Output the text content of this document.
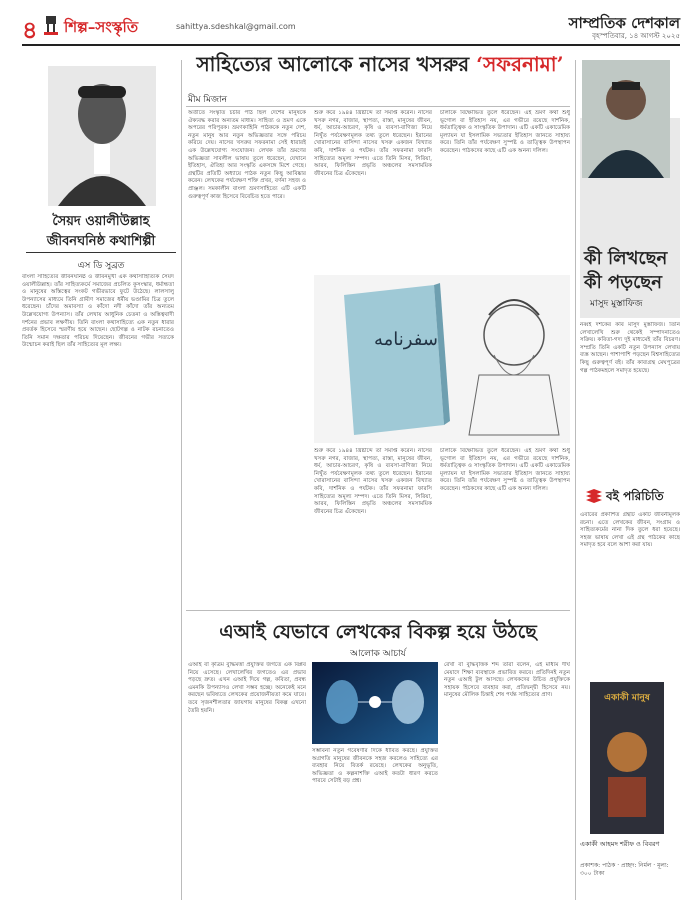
৪ শিল্প–সংস্কৃতি	sahittya.sdeshkal@gmail.com	সাম্প্রতিক দেশকাল
বৃহস্পতিবার, ১৪ আগস্ট ২০২৫
সৈয়দ ওয়ালীউল্লাহ
জীবনঘনিষ্ঠ কথাশিল্পী
এস ডি সুব্রত
বাংলা সাহিত্যের জীবনঘনিষ্ঠ ও জীবনমুখী এক কথাসাহিত্যিক সৈয়দ ওয়ালীউল্লাহ। তাঁর সাহিত্যকর্মে সমাজের প্রচলিত কুসংস্কার, ধর্মান্ধতা ও মানুষের অস্তিত্বের সংকট গভীরভাবে ফুটে উঠেছে। লালসালু উপন্যাসের মাধ্যমে তিনি গ্রামীণ সমাজের ধর্মীয় ভণ্ডামির চিত্র তুলে ধরেছেন। চাঁদের অমাবস্যা ও কাঁদো নদী কাঁদো তাঁর অন্যতম উল্লেখযোগ্য উপন্যাস। তাঁর লেখায় আধুনিক চেতনা ও অস্তিত্ববাদী দর্শনের প্রভাব লক্ষণীয়। তিনি বাংলা কথাসাহিত্যে এক নতুন ধারার প্রবর্তক হিসেবে স্মরণীয় হয়ে আছেন। ছোটগল্প ও নাটক রচনাতেও তিনি সমান দক্ষতার পরিচয় দিয়েছেন। জীবনের গভীর সত্যকে উন্মোচন করাই ছিল তাঁর সাহিত্যের মূল লক্ষ্য।
সাহিত্যের আলোকে নাসের খসরুর ‘সফরনামা’
মীম মিজান
অতীতে সংস্কৃতি চর্চার পাঠ ছিল দেশের মানুষকে ঐক্যবদ্ধ করার অন্যতম মাধ্যম। সাহিত্য ও ভ্রমণ একে অপরের পরিপূরক। ভ্রমণকাহিনি পাঠককে নতুন দেশ, নতুন মানুষ আর নতুন অভিজ্ঞতার সঙ্গে পরিচয় করিয়ে দেয়। নাসের খসরুর সফরনামা সেই ধারারই এক উল্লেখযোগ্য সংযোজন। লেখক তাঁর ভ্রমণের অভিজ্ঞতা সাবলীল ভাষায় তুলে ধরেছেন, যেখানে ইতিহাস, ঐতিহ্য আর সংস্কৃতি একসঙ্গে মিশে গেছে। গ্রন্থটির প্রতিটি অধ্যায়ে পাঠক নতুন কিছু আবিষ্কার করেন। লেখকের পর্যবেক্ষণ শক্তি প্রখর, বর্ণনা সহজ ও প্রাঞ্জল। সমকালীন বাংলা ভ্রমণসাহিত্যে এটি একটি গুরুত্বপূর্ণ কাজ হিসেবে বিবেচিত হতে পারে।
শুরু করে ১৯৪৪ খ্রিষ্টাব্দে তা সমাপ্ত করেন। নাসের খসরু নগর, বাজার, স্থাপত্য, রাস্তা, মানুষের জীবন, ধর্ম, আচার-আচরণ, কৃষি ও ব্যবসা-বাণিজ্য নিয়ে নিখুঁত পর্যবেক্ষণমূলক তথ্য তুলে ধরেছেন। ইরানের খোরাসানের বাসিন্দা নাসের খসরু একজন বিখ্যাত কবি, দার্শনিক ও পর্যটক। তাঁর সফরনামা ফারসি সাহিত্যের অমূল্য সম্পদ। এতে তিনি মিসর, সিরিয়া, আরব, ফিলিস্তিন প্রভৃতি অঞ্চলের সমসাময়িক জীবনের চিত্র এঁকেছেন।
চালাকে বিক্ষোভিত তুলে ধরেছেন। এই ভ্রমণ কথা শুধু ভূগোল বা ইতিহাস নয়, এর গভীরে রয়েছে দার্শনিক, ধর্মতাত্ত্বিক ও সাংস্কৃতিক উপাদান। এটি একটি একাডেমিক মূল্যায়ন যা ইসলামিক সভ্যতার ইতিহাস জানতে সাহায্য করে। তিনি তাঁর পর্যবেক্ষণ সুস্পষ্ট ও তাত্ত্বিক উপস্থাপন করেছেন। পাঠকদের কাছে এটি এক অনন্য দলিল।
سفرنامه

শুরু করে ১৯৪৪ খ্রিষ্টাব্দে তা সমাপ্ত করেন। নাসের খসরু নগর, বাজার, স্থাপত্য, রাস্তা, মানুষের জীবন, ধর্ম, আচার-আচরণ, কৃষি ও ব্যবসা-বাণিজ্য নিয়ে নিখুঁত পর্যবেক্ষণমূলক তথ্য তুলে ধরেছেন। ইরানের খোরাসানের বাসিন্দা নাসের খসরু একজন বিখ্যাত কবি, দার্শনিক ও পর্যটক। তাঁর সফরনামা ফারসি সাহিত্যের অমূল্য সম্পদ। এতে তিনি মিসর, সিরিয়া, আরব, ফিলিস্তিন প্রভৃতি অঞ্চলের সমসাময়িক জীবনের চিত্র এঁকেছেন।

চালাকে বিক্ষোভিত তুলে ধরেছেন। এই ভ্রমণ কথা শুধু ভূগোল বা ইতিহাস নয়, এর গভীরে রয়েছে দার্শনিক, ধর্মতাত্ত্বিক ও সাংস্কৃতিক উপাদান। এটি একটি একাডেমিক মূল্যায়ন যা ইসলামিক সভ্যতার ইতিহাস জানতে সাহায্য করে। তিনি তাঁর পর্যবেক্ষণ সুস্পষ্ট ও তাত্ত্বিক উপস্থাপন করেছেন। পাঠকদের কাছে এটি এক অনন্য দলিল।

এআই যেভাবে লেখকের বিকল্প হয়ে উঠছে
আলোক আচার্য
এআই বা কৃত্রিম বুদ্ধিমত্তা প্রযুক্তির জগতে এক বিপ্লব নিয়ে এসেছে। লেখালেখির জগতেও এর প্রভাব পড়ছে দ্রুত। এখন এআই দিয়ে গল্প, কবিতা, প্রবন্ধ এমনকি উপন্যাসও লেখা সম্ভব হচ্ছে। অনেকেই মনে করছেন ভবিষ্যতে লেখকের প্রয়োজনীয়তা কমে যাবে। তবে সৃজনশীলতার জায়গায় মানুষের বিকল্প এখনো তৈরি হয়নি।
সম্ভাবনা নতুন গবেষণার দিকে ধাবিত করছে। প্রযুক্তির অগ্রগতি মানুষের জীবনকে সহজ করলেও সাহিত্যে এর ব্যবহার নিয়ে বিতর্ক রয়েছে। লেখকের অনুভূতি, অভিজ্ঞতা ও কল্পনাশক্তি এআই কতটা ধারণ করতে পারবে সেটাই বড় প্রশ্ন।
রেখা বা বুদ্ধিবৃত্তিক শব্দ তারা বলেন, এই মাধ্যম দীর্ঘ মেয়াদে শিক্ষা ব্যবস্থাকে প্রভাবিত করবে। প্রতিদিনই নতুন নতুন এআই টুল আসছে। লেখকদের উচিত প্রযুক্তিকে সহায়ক হিসেবে ব্যবহার করা, প্রতিদ্বন্দ্বী হিসেবে নয়। মানুষের মৌলিক চিন্তাই শেষ পর্যন্ত সাহিত্যের প্রাণ।
কী লিখছেন
কী পড়ছেন
মাসুদ মুস্তাফিজ
নব্বই দশকের কবি মাসুদ মুস্তাফিজ। তিনি লেখালেখি শুরু থেকেই সম্পাদনাতেও সক্রিয়। কবিতা-গদ্য দুই মাধ্যমেই তাঁর বিচরণ। সম্প্রতি তিনি একটি নতুন উপন্যাস লেখায় ব্যস্ত আছেন। পাশাপাশি পড়ছেন বিশ্বসাহিত্যের কিছু গুরুত্বপূর্ণ বই। তাঁর কাব্যগ্রন্থ মেঘপুত্রের গল্প পাঠকমহলে সমাদৃত হয়েছে।
বই পরিচিতি
এবারের প্রকাশিত গ্রন্থটি একটি জীবনীমূলক রচনা। এতে লেখকের জীবন, সংগ্রাম ও সাহিত্যকর্মের নানা দিক তুলে ধরা হয়েছে। সহজ ভাষায় লেখা এই গ্রন্থ পাঠকের কাছে সমাদৃত হবে বলে আশা করা যায়।
একাকী মানুষ
একাকী আহমদ শরীফ ও বিবরণ
প্রকাশক: পাঠক · প্রচ্ছদ: নির্মল · মূল্য: ৩০০ টাকা
